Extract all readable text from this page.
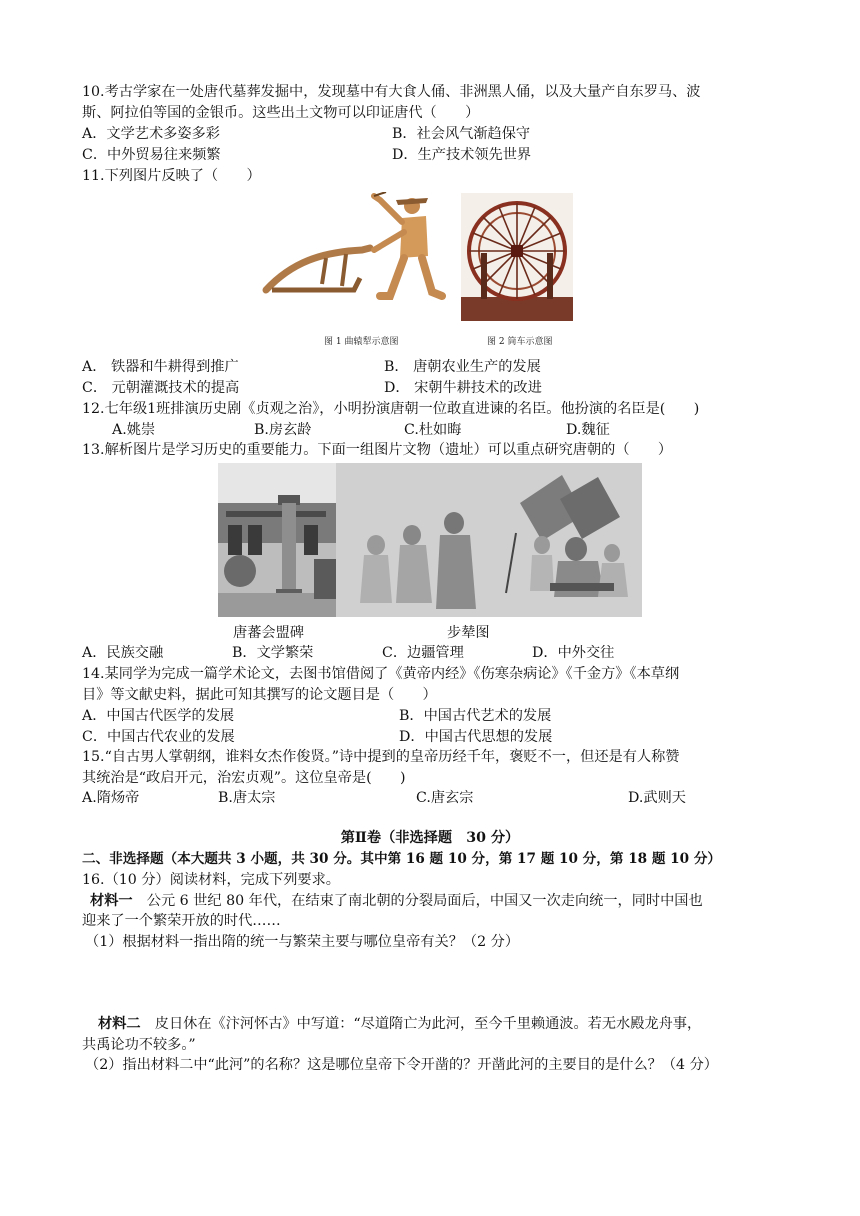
10.考古学家在一处唐代墓葬发掘中，发现墓中有大食人俑、非洲黑人俑，以及大量产自东罗马、波
斯、阿拉伯等国的金银币。这些出土文物可以印证唐代（　　）
A．文学艺术多姿多彩	B．社会风气渐趋保守
C．中外贸易往来频繁	D．生产技术领先世界
11.下列图片反映了（　　）
图 1 曲辕犁示意图	图 2 筒车示意图
A． 铁器和牛耕得到推广	B． 唐朝农业生产的发展
C． 元朝灌溉技术的提高	D． 宋朝牛耕技术的改进
12.七年级1班排演历史剧《贞观之治》，小明扮演唐朝一位敢直进谏的名臣。他扮演的名臣是(　　)
A.姚崇	B.房玄龄	C.杜如晦	D.魏征
13.解析图片是学习历史的重要能力。下面一组图片文物（遗址）可以重点研究唐朝的（　　）
唐蕃会盟碑	步辇图
A．民族交融	B．文学繁荣	C．边疆管理	D．中外交往
14.某同学为完成一篇学术论文，去图书馆借阅了《黄帝内经》《伤寒杂病论》《千金方》《本草纲
目》等文献史料，据此可知其撰写的论文题目是（　　）
A．中国古代医学的发展	B．中国古代艺术的发展
C．中国古代农业的发展	D．中国古代思想的发展
15.“自古男人掌朝纲，谁料女杰作俊贤。”诗中提到的皇帝历经千年，褒贬不一，但还是有人称赞
其统治是“政启开元，治宏贞观”。这位皇帝是(　　)
A.隋炀帝	B.唐太宗	C.唐玄宗	D.武则天
第Ⅱ卷（非选择题　30 分）
二、非选择题（本大题共 3 小题，共 30 分。其中第 16 题 10 分，第 17 题 10 分，第 18 题 10 分）
16.（10 分）阅读材料，完成下列要求。
材料一　公元 6 世纪 80 年代，在结束了南北朝的分裂局面后，中国又一次走向统一，同时中国也
迎来了一个繁荣开放的时代……
（1）根据材料一指出隋的统一与繁荣主要与哪位皇帝有关？（2 分）
材料二　皮日休在《汴河怀古》中写道：“尽道隋亡为此河，至今千里赖通波。若无水殿龙舟事，
共禹论功不较多。”
（2）指出材料二中“此河”的名称？这是哪位皇帝下令开凿的？开凿此河的主要目的是什么？（4 分）
